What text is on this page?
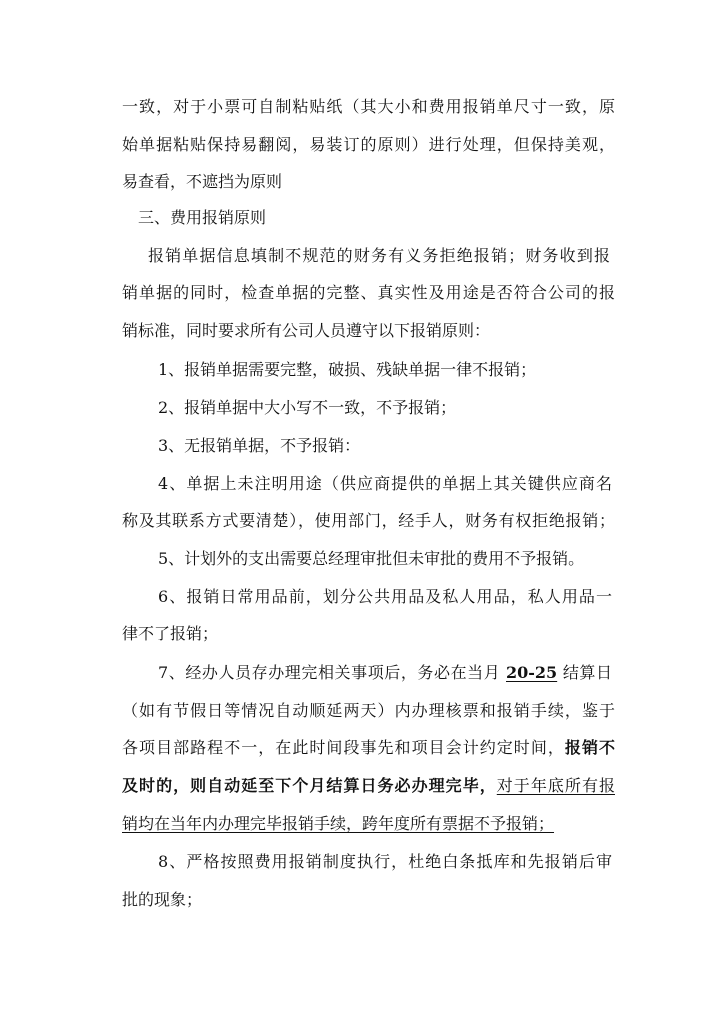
一致，对于小票可自制粘贴纸（其大小和费用报销单尺寸一致，原
始单据粘贴保持易翻阅，易装订的原则）进行处理，但保持美观，
易查看，不遮挡为原则
三、费用报销原则
报销单据信息填制不规范的财务有义务拒绝报销；财务收到报
销单据的同时，检查单据的完整、真实性及用途是否符合公司的报
销标准，同时要求所有公司人员遵守以下报销原则：
1、报销单据需要完整，破损、残缺单据一律不报销；
2、报销单据中大小写不一致，不予报销；
3、无报销单据，不予报销：
4、单据上未注明用途（供应商提供的单据上其关键供应商名
称及其联系方式要清楚），使用部门，经手人，财务有权拒绝报销；
5、计划外的支出需要总经理审批但未审批的费用不予报销。
6、报销日常用品前，划分公共用品及私人用品，私人用品一
律不了报销；
7、经办人员存办理完相关事项后，务必在当月 20-25 结算日
（如有节假日等情况自动顺延两天）内办理核票和报销手续，鉴于
各项目部路程不一，在此时间段事先和项目会计约定时间，报销不
及时的，则自动延至下个月结算日务必办理完毕，对于年底所有报
销均在当年内办理完毕报销手续，跨年度所有票据不予报销；
8、严格按照费用报销制度执行，杜绝白条抵库和先报销后审
批的现象；
